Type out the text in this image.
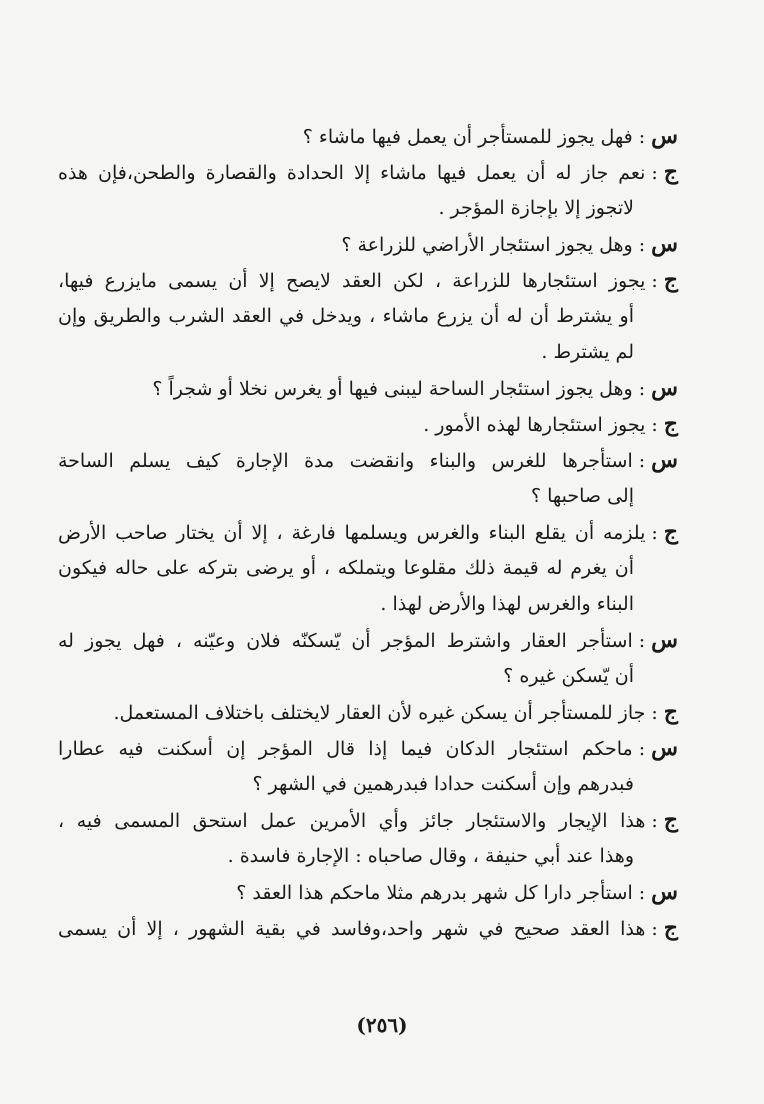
س:فهل يجوز للمستأجر أن يعمل فيها ماشاء ؟
ج:نعم جاز له أن يعمل فيها ماشاء إلا الحدادة والقصارة والطحن،فإن هذه
لاتجوز إلا بإجازة المؤجر .
س:وهل يجوز استئجار الأراضي للزراعة ؟
ج:يجوز استئجارها للزراعة ، لكن العقد لايصح إلا أن يسمى مايزرع فيها،
أو يشترط أن له أن يزرع ماشاء ، ويدخل في العقد الشرب والطريق وإن
لم يشترط .
س:وهل يجوز استئجار الساحة ليبنى فيها أو يغرس نخلا أو شجراً ؟
ج:يجوز استئجارها لهذه الأمور .
س:استأجرها للغرس والبناء وانقضت مدة الإجارة كيف يسلم الساحة
إلى صاحبها ؟
ج:يلزمه أن يقلع البناء والغرس ويسلمها فارغة ، إلا أن يختار صاحب الأرض
أن يغرم له قيمة ذلك مقلوعا ويتملكه ، أو يرضى بتركه على حاله فيكون
البناء والغرس لهذا والأرض لهذا .
س:استأجر العقار واشترط المؤجر أن يّسكنّه فلان وعيّنه ، فهل يجوز له
أن يّسكن غيره ؟
ج:جاز للمستأجر أن يسكن غيره لأن العقار لايختلف باختلاف المستعمل.
س:ماحكم استئجار الدكان فيما إذا قال المؤجر إن أسكنت فيه عطارا
فبدرهم وإن أسكنت حدادا فبدرهمين في الشهر ؟
ج:هذا الإيجار والاستئجار جائز وأي الأمرين عمل استحق المسمى فيه ،
وهذا عند أبي حنيفة ، وقال صاحباه : الإجارة فاسدة .
س:استأجر دارا كل شهر بدرهم مثلا ماحكم هذا العقد ؟
ج:هذا العقد صحيح في شهر واحد،وفاسد في بقية الشهور ، إلا أن يسمى
(٢٥٦)
